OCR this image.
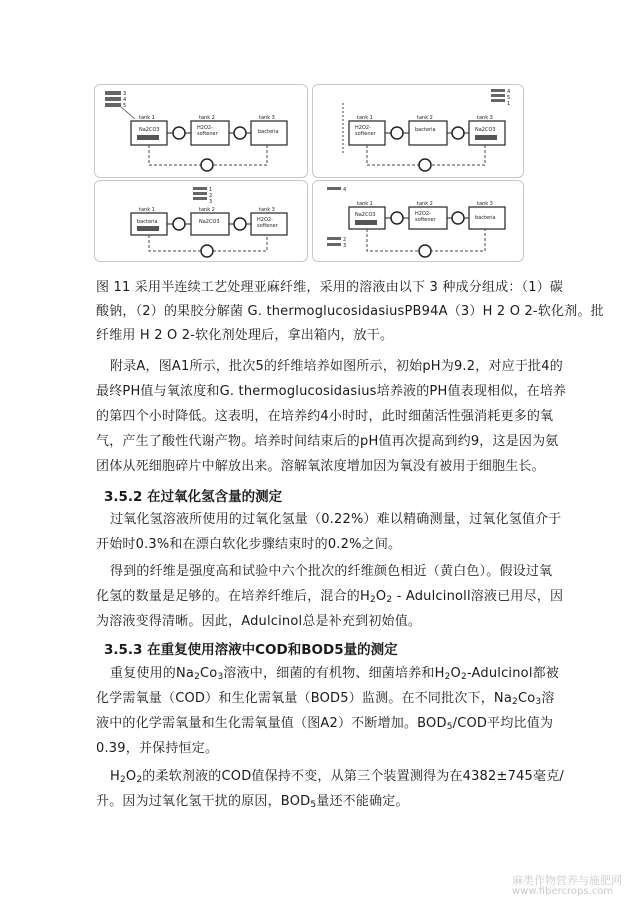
3
4
5
tank 1	tank 2	tank 3
Na2CO3	H2O2-softener	bacteria
4
5
1
tank 1	tank 2	tank 3
H2O2-softener
bacteria	Na2CO3
1
2
3
tank 1	tank 2	tank 3
bacteria	Na2CO3	H2O2-softener
4
2
3
tank 1	tank 2	tank 3
Na2CO3	H2O2-softener	bacteria
图 11 采用半连续工艺处理亚麻纤维，采用的溶液由以下 3 种成分组成：（1）碳
酸钠，（2）的果胶分解菌 G. thermoglucosidasiusPB94A（3）H 2 O 2-软化剂。批
纤维用 H 2 O 2-软化剂处理后，拿出箱内，放干。
附录A，图A1所示，批次5的纤维培养如图所示，初始pH为9.2，对应于批4的
最终PH值与氧浓度和G. thermoglucosidasius培养液的PH值表现相似，在培养
的第四个小时降低。这表明，在培养约4小时时，此时细菌活性强消耗更多的氧
气，产生了酸性代谢产物。培养时间结束后的pH值再次提高到约9，这是因为氨
团体从死细胞碎片中解放出来。溶解氧浓度增加因为氧没有被用于细胞生长。
3.5.2 在过氧化氢含量的测定
过氧化氢溶液所使用的过氧化氢量（0.22%）难以精确测量，过氧化氢值介于
开始时0.3%和在漂白软化步骤结束时的0.2%之间。
得到的纤维是强度高和试验中六个批次的纤维颜色相近（黄白色）。假设过氧
化氢的数量是足够的。在培养纤维后，混合的$H_2O_2$ - Adulcinoll溶液已用尽，因
为溶液变得清晰。因此，Adulcinol总是补充到初始值。
3.5.3 在重复使用溶液中COD和BOD5量的测定
重复使用的$Na_2Co_3$溶液中，细菌的有机物、细菌培养和$H_2O_2$-Adulcinol都被
化学需氧量（COD）和生化需氧量（BOD5）监测。在不同批次下，$Na_2Co_3$溶
液中的化学需氧量和生化需氧量值（图A2）不断增加。$BOD_5$/COD平均比值为
0.39，并保持恒定。
$H_2O_2$的柔软剂液的COD值保持不变，从第三个装置测得为在4382±745毫克/
升。因为过氧化氢干扰的原因，$BOD_5$量还不能确定。
麻类作物营养与施肥网
www.fibercrops.com
